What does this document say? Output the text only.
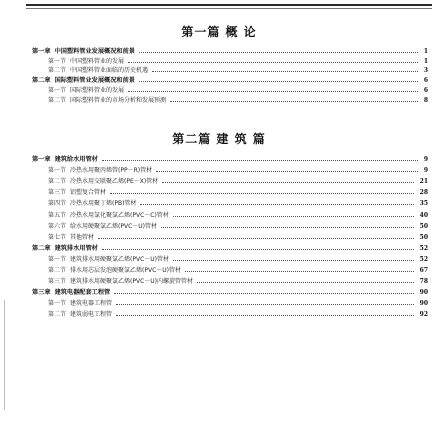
第一篇 概 论
第一章 中国塑料管业发展概况和前景	1
第一节 中国塑料管业的发展	1
第二节 中国塑料管业面临的历史机遇	3
第二章 国际塑料管业发展概况和前景	6
第一节 国际塑料管业的发展	6
第二节 国际塑料管业的市场分析和发展预测	8
第二篇 建 筑 篇
第一章 建筑给水用管材	9
第一节 冷热水用聚丙烯管(PP－R)管材	9
第二节 冷热水用交联聚乙烯(PE－X)管材	21
第三节 铝塑复合管材	28
第四节 冷热水用聚丁烯(PB)管材	35
第五节 冷热水用氯化聚氯乙烯(PVC－C)管材	40
第六节 给水用硬聚氯乙烯(PVC－U)管材	50
第七节 其他管材	50
第二章 建筑排水用管材	52
第一节 建筑排水用硬聚氯乙烯(PVC－U)管材	52
第二节 排水用芯层发泡硬聚氯乙烯(PVC－U)管材	67
第三节 建筑排水用硬聚氯乙烯(PVC－U)内螺旋管管材	78
第三章 建筑电器配套工程管	90
第一节 建筑电器工程管	90
第二节 建筑弱电工程管	92
